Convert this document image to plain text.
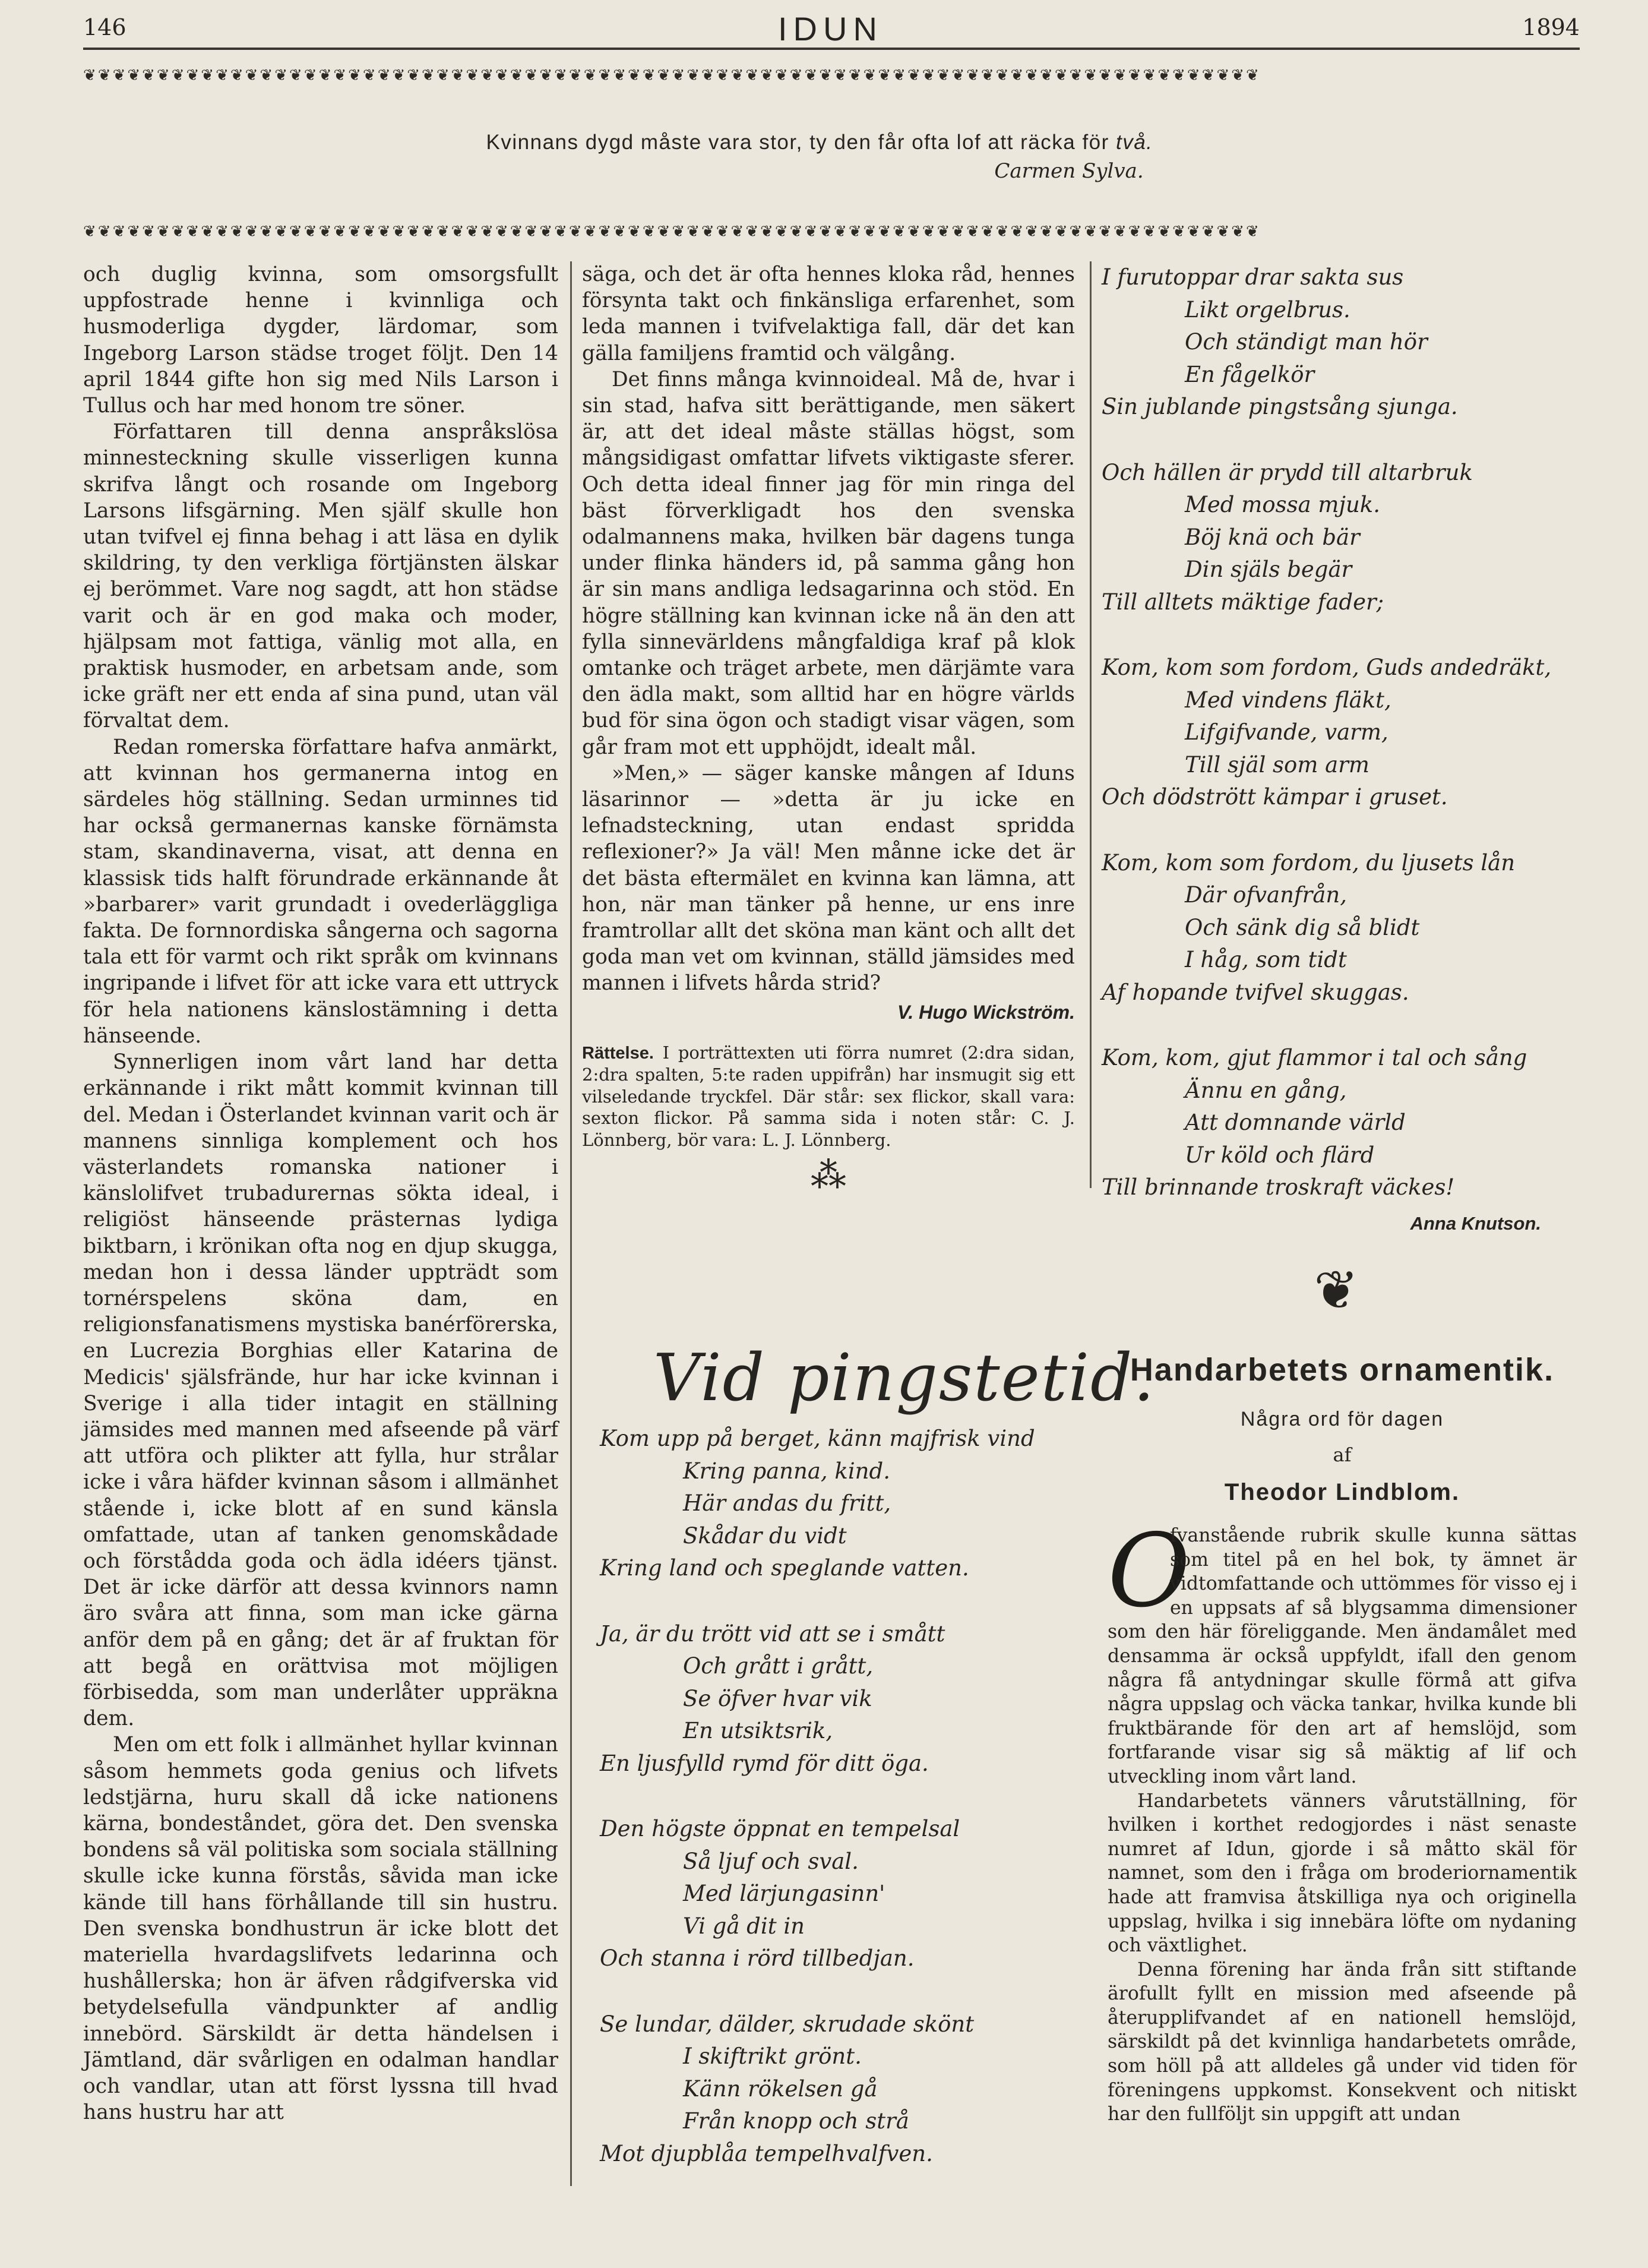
146	IDUN	1894
❦❦❦❦❦❦❦❦❦❦❦❦❦❦❦❦❦❦❦❦❦❦❦❦❦❦❦❦❦❦❦❦❦❦❦❦❦❦❦❦❦❦❦❦❦❦❦❦❦❦❦❦❦❦❦❦❦❦❦❦❦❦❦❦❦❦❦❦❦❦❦❦❦❦❦❦❦❦❦❦
Kvinnans dygd måste vara stor, ty den får ofta lof att räcka för två.
Carmen Sylva.
❦❦❦❦❦❦❦❦❦❦❦❦❦❦❦❦❦❦❦❦❦❦❦❦❦❦❦❦❦❦❦❦❦❦❦❦❦❦❦❦❦❦❦❦❦❦❦❦❦❦❦❦❦❦❦❦❦❦❦❦❦❦❦❦❦❦❦❦❦❦❦❦❦❦❦❦❦❦❦❦

och duglig kvinna, som omsorgsfullt uppfostrade henne i kvinnliga och husmoderliga dygder, lärdomar, som Ingeborg Larson städse troget följt. Den 14 april 1844 gifte hon sig med Nils Larson i Tullus och har med honom tre söner.

Författaren till denna anspråkslösa minnesteckning skulle visserligen kunna skrifva långt och rosande om Ingeborg Larsons lifsgärning. Men själf skulle hon utan tvifvel ej finna behag i att läsa en dylik skildring, ty den verkliga förtjänsten älskar ej berömmet. Vare nog sagdt, att hon städse varit och är en god maka och moder, hjälpsam mot fattiga, vänlig mot alla, en praktisk husmoder, en arbetsam ande, som icke gräft ner ett enda af sina pund, utan väl förvaltat dem.

Redan romerska författare hafva anmärkt, att kvinnan hos germanerna intog en särdeles hög ställning. Sedan urminnes tid har också germanernas kanske förnämsta stam, skandinaverna, visat, att denna en klassisk tids halft förundrade erkännande åt »barbarer» varit grundadt i ovederläggliga fakta. De fornnordiska sångerna och sagorna tala ett för varmt och rikt språk om kvinnans ingripande i lifvet för att icke vara ett uttryck för hela nationens känslostämning i detta hänseende.

Synnerligen inom vårt land har detta erkännande i rikt mått kommit kvinnan till del. Medan i Österlandet kvinnan varit och är mannens sinnliga komplement och hos västerlandets romanska nationer i känslolifvet trubadurernas sökta ideal, i religiöst hänseende prästernas lydiga biktbarn, i krönikan ofta nog en djup skugga, medan hon i dessa länder uppträdt som tornérspelens sköna dam, en religionsfanatismens mystiska banérförerska, en Lucrezia Borghias eller Katarina de Medicis' själsfrände, hur har icke kvinnan i Sverige i alla tider intagit en ställning jämsides med mannen med afseende på värf att utföra och plikter att fylla, hur strålar icke i våra häfder kvinnan såsom i allmänhet stående i, icke blott af en sund känsla omfattade, utan af tanken genomskådade och förstådda goda och ädla idéers tjänst. Det är icke därför att dessa kvinnors namn äro svåra att finna, som man icke gärna anför dem på en gång; det är af fruktan för att begå en orättvisa mot möjligen förbisedda, som man underlåter uppräkna dem.

Men om ett folk i allmänhet hyllar kvinnan såsom hemmets goda genius och lifvets ledstjärna, huru skall då icke nationens kärna, bondeståndet, göra det. Den svenska bondens så väl politiska som sociala ställning skulle icke kunna förstås, såvida man icke kände till hans förhållande till sin hustru. Den svenska bondhustrun är icke blott det materiella hvardagslifvets ledarinna och hushållerska; hon är äfven rådgifverska vid betydelsefulla vändpunkter af andlig innebörd. Särskildt är detta händelsen i Jämtland, där svårligen en odalman handlar och vandlar, utan att först lyssna till hvad hans hustru har att

säga, och det är ofta hennes kloka råd, hennes försynta takt och finkänsliga erfarenhet, som leda mannen i tvifvelaktiga fall, där det kan gälla familjens framtid och välgång.

Det finns många kvinnoideal. Må de, hvar i sin stad, hafva sitt berättigande, men säkert är, att det ideal måste ställas högst, som mångsidigast omfattar lifvets viktigaste sferer. Och detta ideal finner jag för min ringa del bäst förverkligadt hos den svenska odalmannens maka, hvilken bär dagens tunga under flinka händers id, på samma gång hon är sin mans andliga ledsagarinna och stöd. En högre ställning kan kvinnan icke nå än den att fylla sinnevärldens mångfaldiga kraf på klok omtanke och träget arbete, men därjämte vara den ädla makt, som alltid har en högre världs bud för sina ögon och stadigt visar vägen, som går fram mot ett upphöjdt, idealt mål.

»Men,» — säger kanske mången af Iduns läsarinnor — »detta är ju icke en lefnadsteckning, utan endast spridda reflexioner?» Ja väl! Men månne icke det är det bästa eftermälet en kvinna kan lämna, att hon, när man tänker på henne, ur ens inre framtrollar allt det sköna man känt och allt det goda man vet om kvinnan, ställd jämsides med mannen i lifvets hårda strid?

V. Hugo Wickström.
Rättelse. I porträttexten uti förra numret (2:dra sidan, 2:dra spalten, 5:te raden uppifrån) har insmugit sig ett vilseledande tryckfel. Där står: sex flickor, skall vara: sexton flickor. På samma sida i noten står: C. J. Lönnberg, bör vara: L. J. Lönnberg.
⁂
Vid pingstetid.
Kom upp på berget, känn majfrisk vind
Kring panna, kind.
Här andas du fritt,
Skådar du vidt
Kring land och speglande vatten.
Ja, är du trött vid att se i smått
Och grått i grått,
Se öfver hvar vik
En utsiktsrik,
En ljusfylld rymd för ditt öga.
Den högste öppnat en tempelsal
Så ljuf och sval.
Med lärjungasinn'
Vi gå dit in
Och stanna i rörd tillbedjan.
Se lundar, dälder, skrudade skönt
I skiftrikt grönt.
Känn rökelsen gå
Från knopp och strå
Mot djupblåa tempelhvalfven.
I furutoppar drar sakta sus
Likt orgelbrus.
Och ständigt man hör
En fågelkör
Sin jublande pingstsång sjunga.
Och hällen är prydd till altarbruk
Med mossa mjuk.
Böj knä och bär
Din själs begär
Till alltets mäktige fader;
Kom, kom som fordom, Guds andedräkt,
Med vindens fläkt,
Lifgifvande, varm,
Till själ som arm
Och dödstrött kämpar i gruset.
Kom, kom som fordom, du ljusets lån
Där ofvanfrån,
Och sänk dig så blidt
I håg, som tidt
Af hopande tvifvel skuggas.
Kom, kom, gjut flammor i tal och sång
Ännu en gång,
Att domnande värld
Ur köld och flärd
Till brinnande troskraft väckes!
Anna Knutson.
❦
Handarbetets ornamentik.
Några ord för dagen
af
Theodor Lindblom.
O

fvanstående rubrik skulle kunna sättas som titel på en hel bok, ty ämnet är vidtomfattande och uttömmes för visso ej i en uppsats af så blygsamma dimensioner som den här föreliggande. Men ändamålet med densamma är också uppfyldt, ifall den genom några få antydningar skulle förmå att gifva några uppslag och väcka tankar, hvilka kunde bli fruktbärande för den art af hemslöjd, som fortfarande visar sig så mäktig af lif och utveckling inom vårt land.

Handarbetets vänners vårutställning, för hvilken i korthet redogjordes i näst senaste numret af Idun, gjorde i så måtto skäl för namnet, som den i fråga om broderiornamentik hade att framvisa åtskilliga nya och originella uppslag, hvilka i sig innebära löfte om nydaning och växtlighet.

Denna förening har ända från sitt stiftande ärofullt fyllt en mission med afseende på återupplifvandet af en nationell hemslöjd, särskildt på det kvinnliga handarbetets område, som höll på att alldeles gå under vid tiden för föreningens uppkomst. Konsekvent och nitiskt har den fullföljt sin uppgift att undan
